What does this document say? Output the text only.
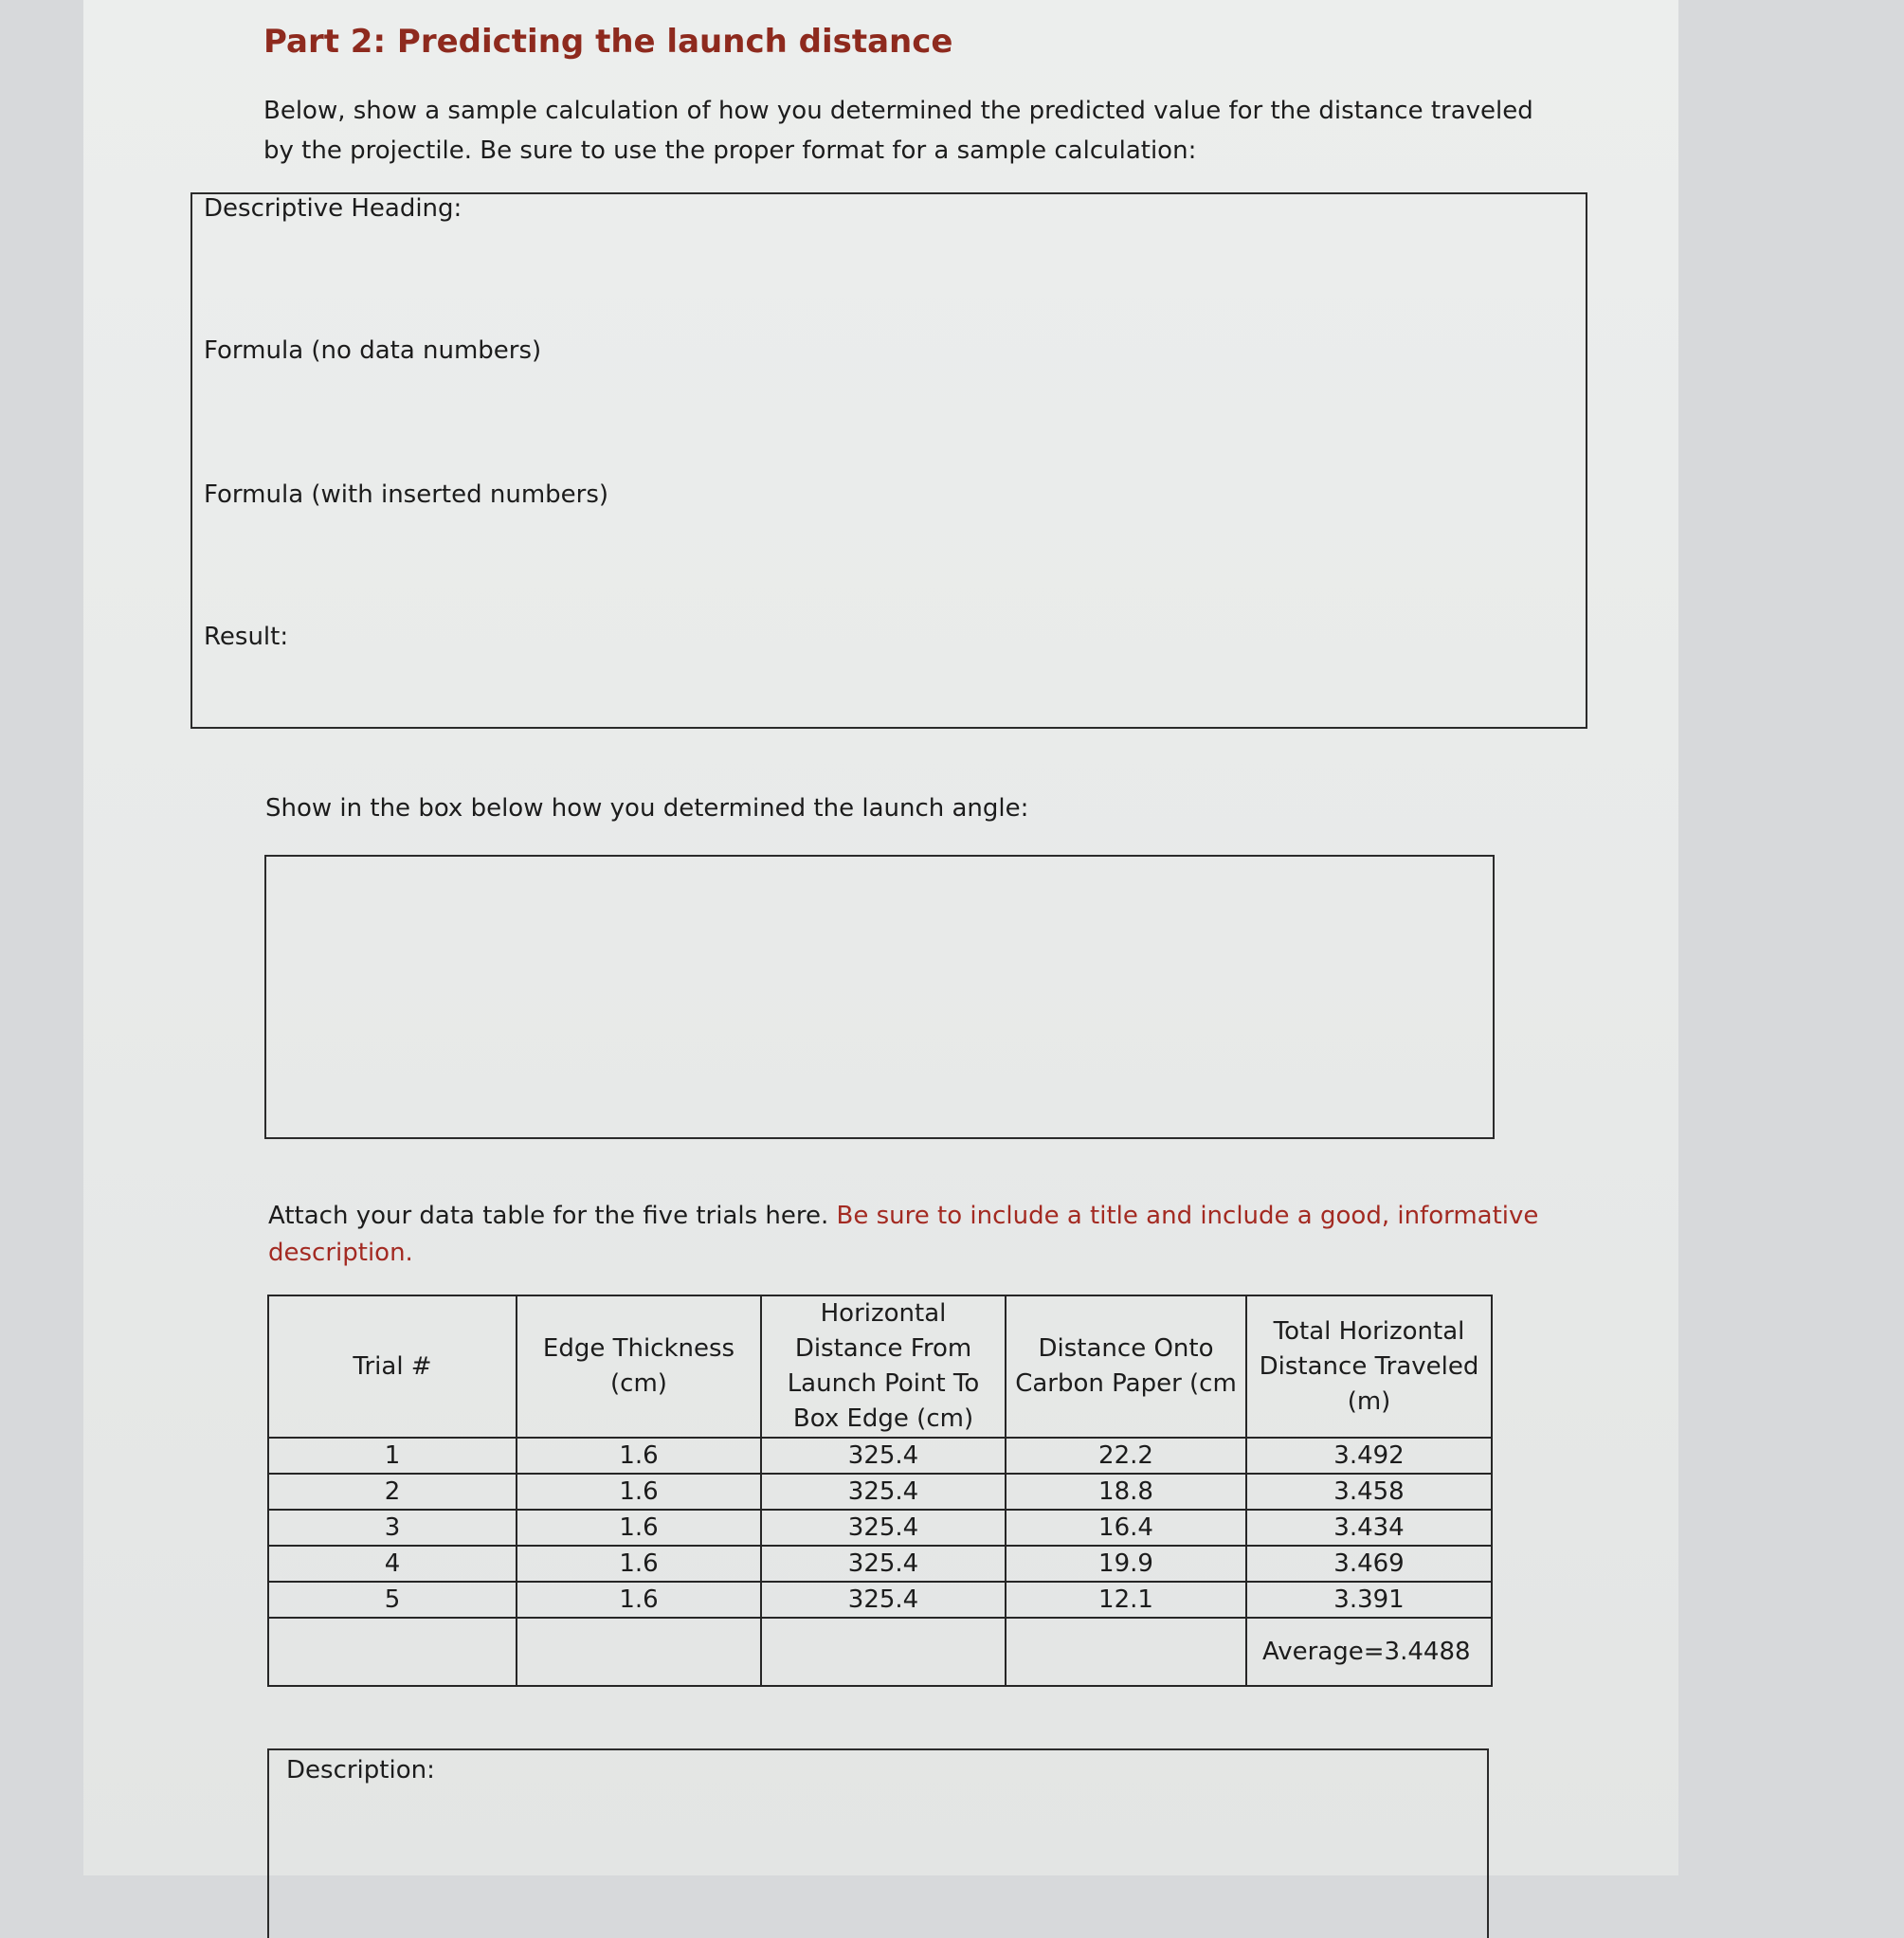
Part 2: Predicting the launch distance
Below, show a sample calculation of how you determined the predicted value for the distance traveled
by the projectile. Be sure to use the proper format for a sample calculation:
Descriptive Heading:
Formula (no data numbers)
Formula (with inserted numbers)
Result:
Show in the box below how you determined the launch angle:
Attach your data table for the five trials here. Be sure to include a title and include a good, informative description.
Trial #	Edge Thickness (cm)	Horizontal Distance From Launch Point To Box Edge (cm)	Distance Onto Carbon Paper (cm	Total Horizontal Distance Traveled (m)
1	1.6	325.4	22.2	3.492
2	1.6	325.4	18.8	3.458
3	1.6	325.4	16.4	3.434
4	1.6	325.4	19.9	3.469
5	1.6	325.4	12.1	3.391
				Average=3.4488
Description:
